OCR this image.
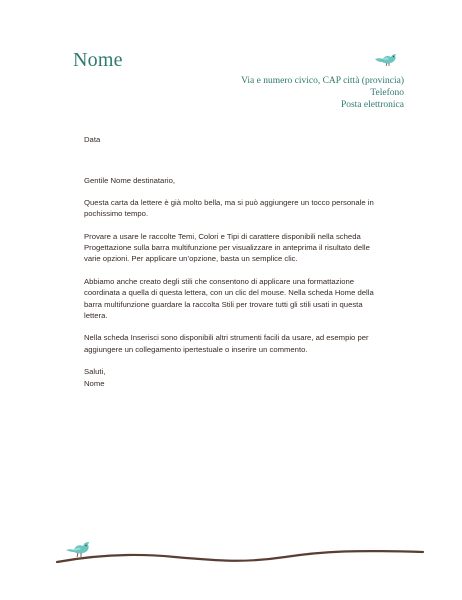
Nome
Via e numero civico, CAP città (provincia)
Telefono
Posta elettronica

Data

Gentile Nome destinatario,

Questa carta da lettere è già molto bella, ma si può aggiungere un tocco personale in pochissimo tempo.

Provare a usare le raccolte Temi, Colori e Tipi di carattere disponibili nella scheda Progettazione sulla barra multifunzione per visualizzare in anteprima il risultato delle varie opzioni. Per applicare un’opzione, basta un semplice clic.

Abbiamo anche creato degli stili che consentono di applicare una formattazione coordinata a quella di questa lettera, con un clic del mouse. Nella scheda Home della barra multifunzione guardare la raccolta Stili per trovare tutti gli stili usati in questa lettera.

Nella scheda Inserisci sono disponibili altri strumenti facili da usare, ad esempio per aggiungere un collegamento ipertestuale o inserire un commento.

Saluti,

Nome
